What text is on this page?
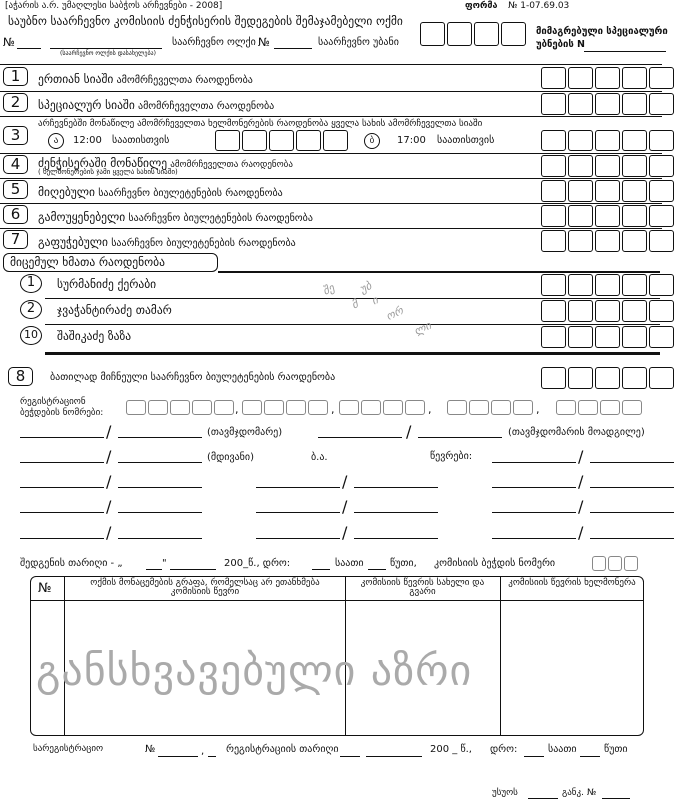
[აჭარის ა.რ. უმაღლესი საბჭოს არჩევნები - 2008]	ფორმა № 1-07.69.03
საუბნო საარჩევნო კომისიის ძენჭისერის შედეგების შემაჯამებელი ოქმი
№
(საარჩევნო ოლქის დასახელება)
საარჩევნო ოლქი №	საარჩევნო უბანი
მიმაგრებული სპეციალური
უბნების N
1	ერთიან სიაში ამომრჩეველთა რაოდენობა
2	სპეციალურ სიაში ამომრჩეველთა რაოდენობა
3
არჩევნებში მონაწილე ამომრჩეველთა ხელმონერების რაოდენობა ყველა სახის ამომრჩეველთა სიაში
ა	12:00 საათისთვის	ბ	17:00 საათისთვის
4	ძენჭისერაში მონაწილე ამომრჩეველთა რაოდენობა
( ხელმონერების ჯამი ყველა სახის სიაში)
5	მიღებული საარჩევნო ბიულეტენების რაოდენობა
6	გამოუყენებელი საარჩევნო ბიულეტენების რაოდენობა
7	გაფუჭებული საარჩევნო ბიულეტენების რაოდენობა
მიცემულ ხმათა რაოდენობა
1	სურმანიძე ქერაბი
2	ჯვაჭანტირაძე თამარ
10	შაშიკაძე ზაზა
შე უბ
მ ი
ორ
ლი
8	ბათილად მიჩნეული საარჩევნო ბიულეტენების რაოდენობა
რეგისტრაციონ
ბეჭდების ნომრები:	,	,	,	,
/	(თავმჯდომარე)	/	(თავმჯდომარის მოადგილე)
/	(მდივანი)	ბ.ა.	წევრები:	/
/	/	/
/	/	/
/	/	/
შედგენის თარიღი - „	"	200_წ., დრო:	საათი	წუთი, კომისიის ბეჭდის ნომერი
№	ოქმის მონაცემების გრაფა, რომელსაც არ ეთანხმება კომისიის წევრი
კომისიის წევრის სახელი და გვარი
კომისიის წევრის ხელმონერა
განსხვავებული აზრი
სარეგისტრაციო	№	, რეგისტრაციის თარიღი	200 _ წ., დრო:	საათი	წუთი
უსუოს	განკ. №
